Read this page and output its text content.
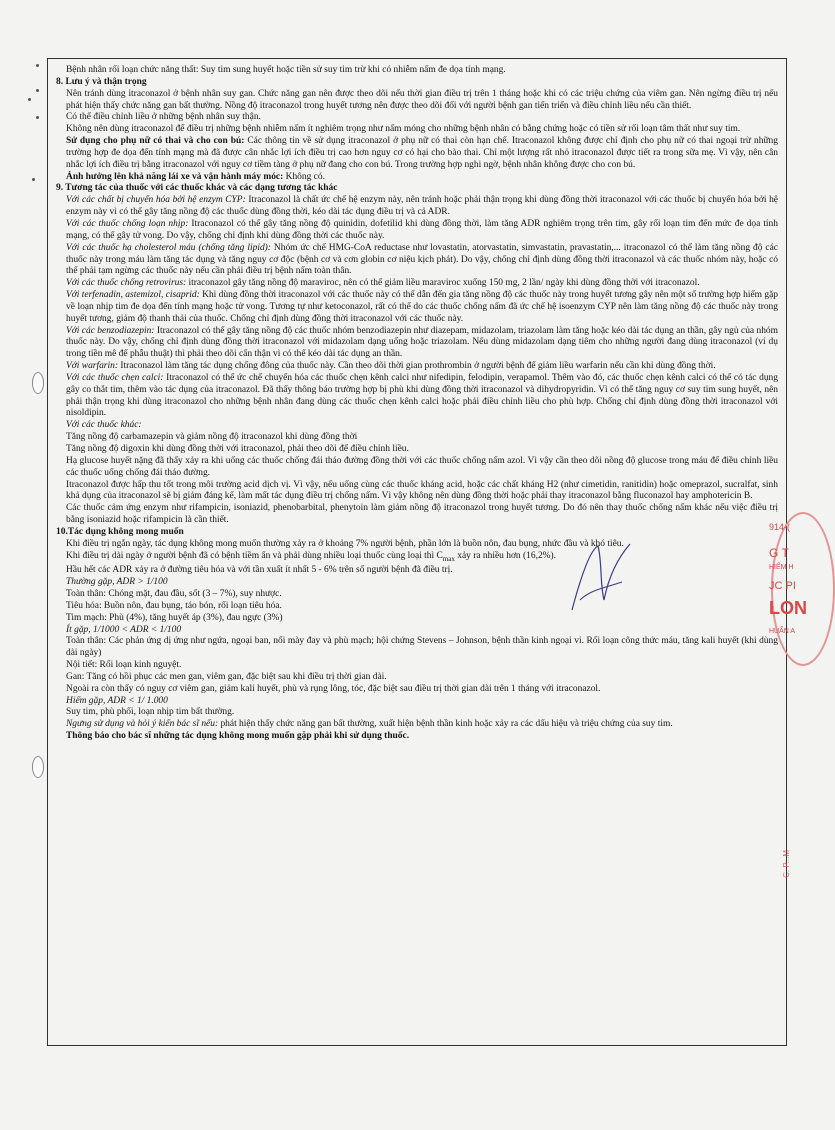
Bệnh nhân rối loạn chức năng thất: Suy tim sung huyết hoặc tiền sử suy tim trừ khi có nhiễm nấm đe dọa tính mạng.

8. Lưu ý và thận trọng

Nên tránh dùng itraconazol ở bệnh nhân suy gan. Chức năng gan nên được theo dõi nếu thời gian điều trị trên 1 tháng hoặc khi có các triệu chứng của viêm gan. Nên ngừng điều trị nếu phát hiện thấy chức năng gan bất thường. Nồng độ itraconazol trong huyết tương nên được theo dõi đối với người bệnh gan tiến triển và điều chỉnh liều nếu cần thiết.

Có thể điều chỉnh liều ở những bệnh nhân suy thận.

Không nên dùng itraconazol để điều trị những bệnh nhiễm nấm ít nghiêm trọng như nấm móng cho những bệnh nhân có bằng chứng hoặc có tiền sử rối loạn tâm thất như suy tim.

Sử dụng cho phụ nữ có thai và cho con bú: Các thông tin về sử dụng itraconazol ở phụ nữ có thai còn hạn chế. Itraconazol không được chỉ định cho phụ nữ có thai ngoại trừ những trường hợp đe dọa đến tính mạng mà đã được cân nhắc lợi ích điều trị cao hơn nguy cơ có hại cho bào thai. Chỉ một lượng rất nhỏ itraconazol được tiết ra trong sữa mẹ. Vì vậy, nên cân nhắc lợi ích điều trị bằng itraconazol với nguy cơ tiềm tàng ở phụ nữ đang cho con bú. Trong trường hợp nghi ngờ, bệnh nhân không được cho con bú.

Ảnh hưởng lên khả năng lái xe và vận hành máy móc: Không có.

9. Tương tác của thuốc với các thuốc khác và các dạng tương tác khác

Với các chất bị chuyển hóa bởi hệ enzym CYP: Itraconazol là chất ức chế hệ enzym này, nên tránh hoặc phải thận trọng khi dùng đồng thời itraconazol với các thuốc bị chuyển hóa bởi hệ enzym này vì có thể gây tăng nồng độ các thuốc dùng đồng thời, kéo dài tác dụng điều trị và cả ADR.

Với các thuốc chống loạn nhịp: Itraconazol có thể gây tăng nồng độ quinidin, dofetilid khi dùng đồng thời, làm tăng ADR nghiêm trọng trên tim, gây rối loạn tim đến mức đe dọa tính mạng, có thể gây tử vong. Do vậy, chống chỉ định khi dùng đồng thời các thuốc này.

Với các thuốc hạ cholesterol máu (chống tăng lipid): Nhóm ức chế HMG-CoA reductase như lovastatin, atorvastatin, simvastatin, pravastatin,... itraconazol có thể làm tăng nồng độ các thuốc này trong máu làm tăng tác dụng và tăng nguy cơ độc (bệnh cơ và cơn globin cơ niệu kịch phát). Do vậy, chống chỉ định dùng đồng thời itraconazol và các thuốc nhóm này, hoặc có thể phải tạm ngừng các thuốc này nếu cần phải điều trị bệnh nấm toàn thân.

Với các thuốc chống retrovirus: itraconazol gây tăng nồng độ maraviroc, nên có thể giảm liều maraviroc xuống 150 mg, 2 lần/ ngày khi dùng đồng thời với itraconazol.

Với terfenadin, astemizol, cisaprid: Khi dùng đồng thời itraconazol với các thuốc này có thể dẫn đến gia tăng nồng độ các thuốc này trong huyết tương gây nên một số trường hợp hiếm gặp về loạn nhịp tim đe dọa đến tính mạng hoặc tử vong. Tương tự như ketoconazol, rất có thể do các thuốc chống nấm đã ức chế hệ isoenzym CYP nên làm tăng nồng độ các thuốc này trong huyết tương, giảm độ thanh thải của thuốc. Chống chỉ định dùng đồng thời itraconazol với các thuốc này.

Với các benzodiazepin: Itraconazol có thể gây tăng nồng độ các thuốc nhóm benzodiazepin như diazepam, midazolam, triazolam làm tăng hoặc kéo dài tác dụng an thần, gây ngủ của nhóm thuốc này. Do vậy, chống chỉ định dùng đồng thời itraconazol với midazolam dạng uống hoặc triazolam. Nếu dùng midazolam dạng tiêm cho những người đang dùng itraconazol (ví dụ trong tiền mê để phẫu thuật) thì phải theo dõi cẩn thận vì có thể kéo dài tác dụng an thần.

Với warfarin: Itraconazol làm tăng tác dụng chống đông của thuốc này. Cần theo dõi thời gian prothrombin ở người bệnh để giảm liều warfarin nếu cần khi dùng đồng thời.

Với các thuốc chẹn calci: Itraconazol có thể ức chế chuyển hóa các thuốc chẹn kênh calci như nifedipin, felodipin, verapamol. Thêm vào đó, các thuốc chẹn kênh calci có thể có tác dụng gây co thắt tim, thêm vào tác dụng của itraconazol. Đã thấy thông báo trường hợp bị phù khi dùng đồng thời itraconazol và dihydropyridin. Vì có thể tăng nguy cơ suy tim sung huyết, nên phải thận trọng khi dùng itraconazol cho những bệnh nhân đang dùng các thuốc chẹn kênh calci hoặc phải điều chỉnh liều cho phù hợp. Chống chỉ định dùng đồng thời itraconazol với nisoldipin.

Với các thuốc khác:

Tăng nồng độ carbamazepin và giảm nồng độ itraconazol khi dùng đồng thời

Tăng nồng độ digoxin khi dùng đồng thời với itraconazol, phải theo dõi để điều chỉnh liều.

Hạ glucose huyết nặng đã thấy xảy ra khi uống các thuốc chống đái tháo đường đồng thời với các thuốc chống nấm azol. Vì vậy cần theo dõi nồng độ glucose trong máu để điều chỉnh liều các thuốc uống chống đái tháo đường.

Itraconazol được hấp thu tốt trong môi trường acid dịch vị. Vì vậy, nếu uống cùng các thuốc kháng acid, hoặc các chất kháng H2 (như cimetidin, ranitidin) hoặc omeprazol, sucralfat, sinh khả dụng của itraconazol sẽ bị giảm đáng kể, làm mất tác dụng điều trị chống nấm. Vì vậy không nên dùng đồng thời hoặc phải thay itraconazol bằng fluconazol hay amphotericin B.

Các thuốc cảm ứng enzym như rifampicin, isoniazid, phenobarbital, phenytoin làm giảm nồng độ itraconazol trong huyết tương. Do đó nên thay thuốc chống nấm khác nếu việc điều trị bằng isoniazid hoặc rifampicin là cần thiết.

10.Tác dụng không mong muốn

Khi điều trị ngắn ngày, tác dụng không mong muốn thường xảy ra ở khoảng 7% người bệnh, phần lớn là buồn nôn, đau bụng, nhức đầu và khó tiêu.

Khi điều trị dài ngày ở người bệnh đã có bệnh tiềm ẩn và phải dùng nhiều loại thuốc cùng loại thì $C_{max}$ xảy ra nhiều hơn (16,2%).

Hầu hết các ADR xảy ra ở đường tiêu hóa và với tần xuất ít nhất 5 - 6% trên số người bệnh đã điều trị.

Thường gặp, ADR > 1/100

Toàn thân: Chóng mặt, đau đầu, sốt (3 – 7%), suy nhược.

Tiêu hóa: Buồn nôn, đau bụng, táo bón, rối loạn tiêu hóa.

Tim mạch: Phù (4%), tăng huyết áp (3%), đau ngực (3%)

Ít gặp, 1/1000 < ADR < 1/100

Toàn thân: Các phản ứng dị ứng như ngứa, ngoại ban, nổi mày đay và phù mạch; hội chứng Stevens – Johnson, bệnh thần kinh ngoại vi. Rối loạn công thức máu, tăng kali huyết (khi dùng dài ngày)

Nội tiết: Rối loạn kinh nguyệt.

Gan: Tăng có hồi phục các men gan, viêm gan, đặc biệt sau khi điều trị thời gian dài.

Ngoài ra còn thấy có nguy cơ viêm gan, giảm kali huyết, phù và rụng lông, tóc, đặc biệt sau điều trị thời gian dài trên 1 tháng với itraconazol.

Hiếm gặp, ADR < 1/ 1.000

Suy tim, phù phổi, loạn nhịp tim bất thường.

Ngưng sử dụng và hỏi ý kiến bác sĩ nếu: phát hiện thấy chức năng gan bất thường, xuất hiện bệnh thần kinh hoặc xảy ra các dấu hiệu và triệu chứng của suy tim.

Thông báo cho bác sĩ những tác dụng không mong muốn gặp phải khi sử dụng thuốc.

914-(
G T
HIỂM H
JC PI
LON
HUẨN A
C. P...M
